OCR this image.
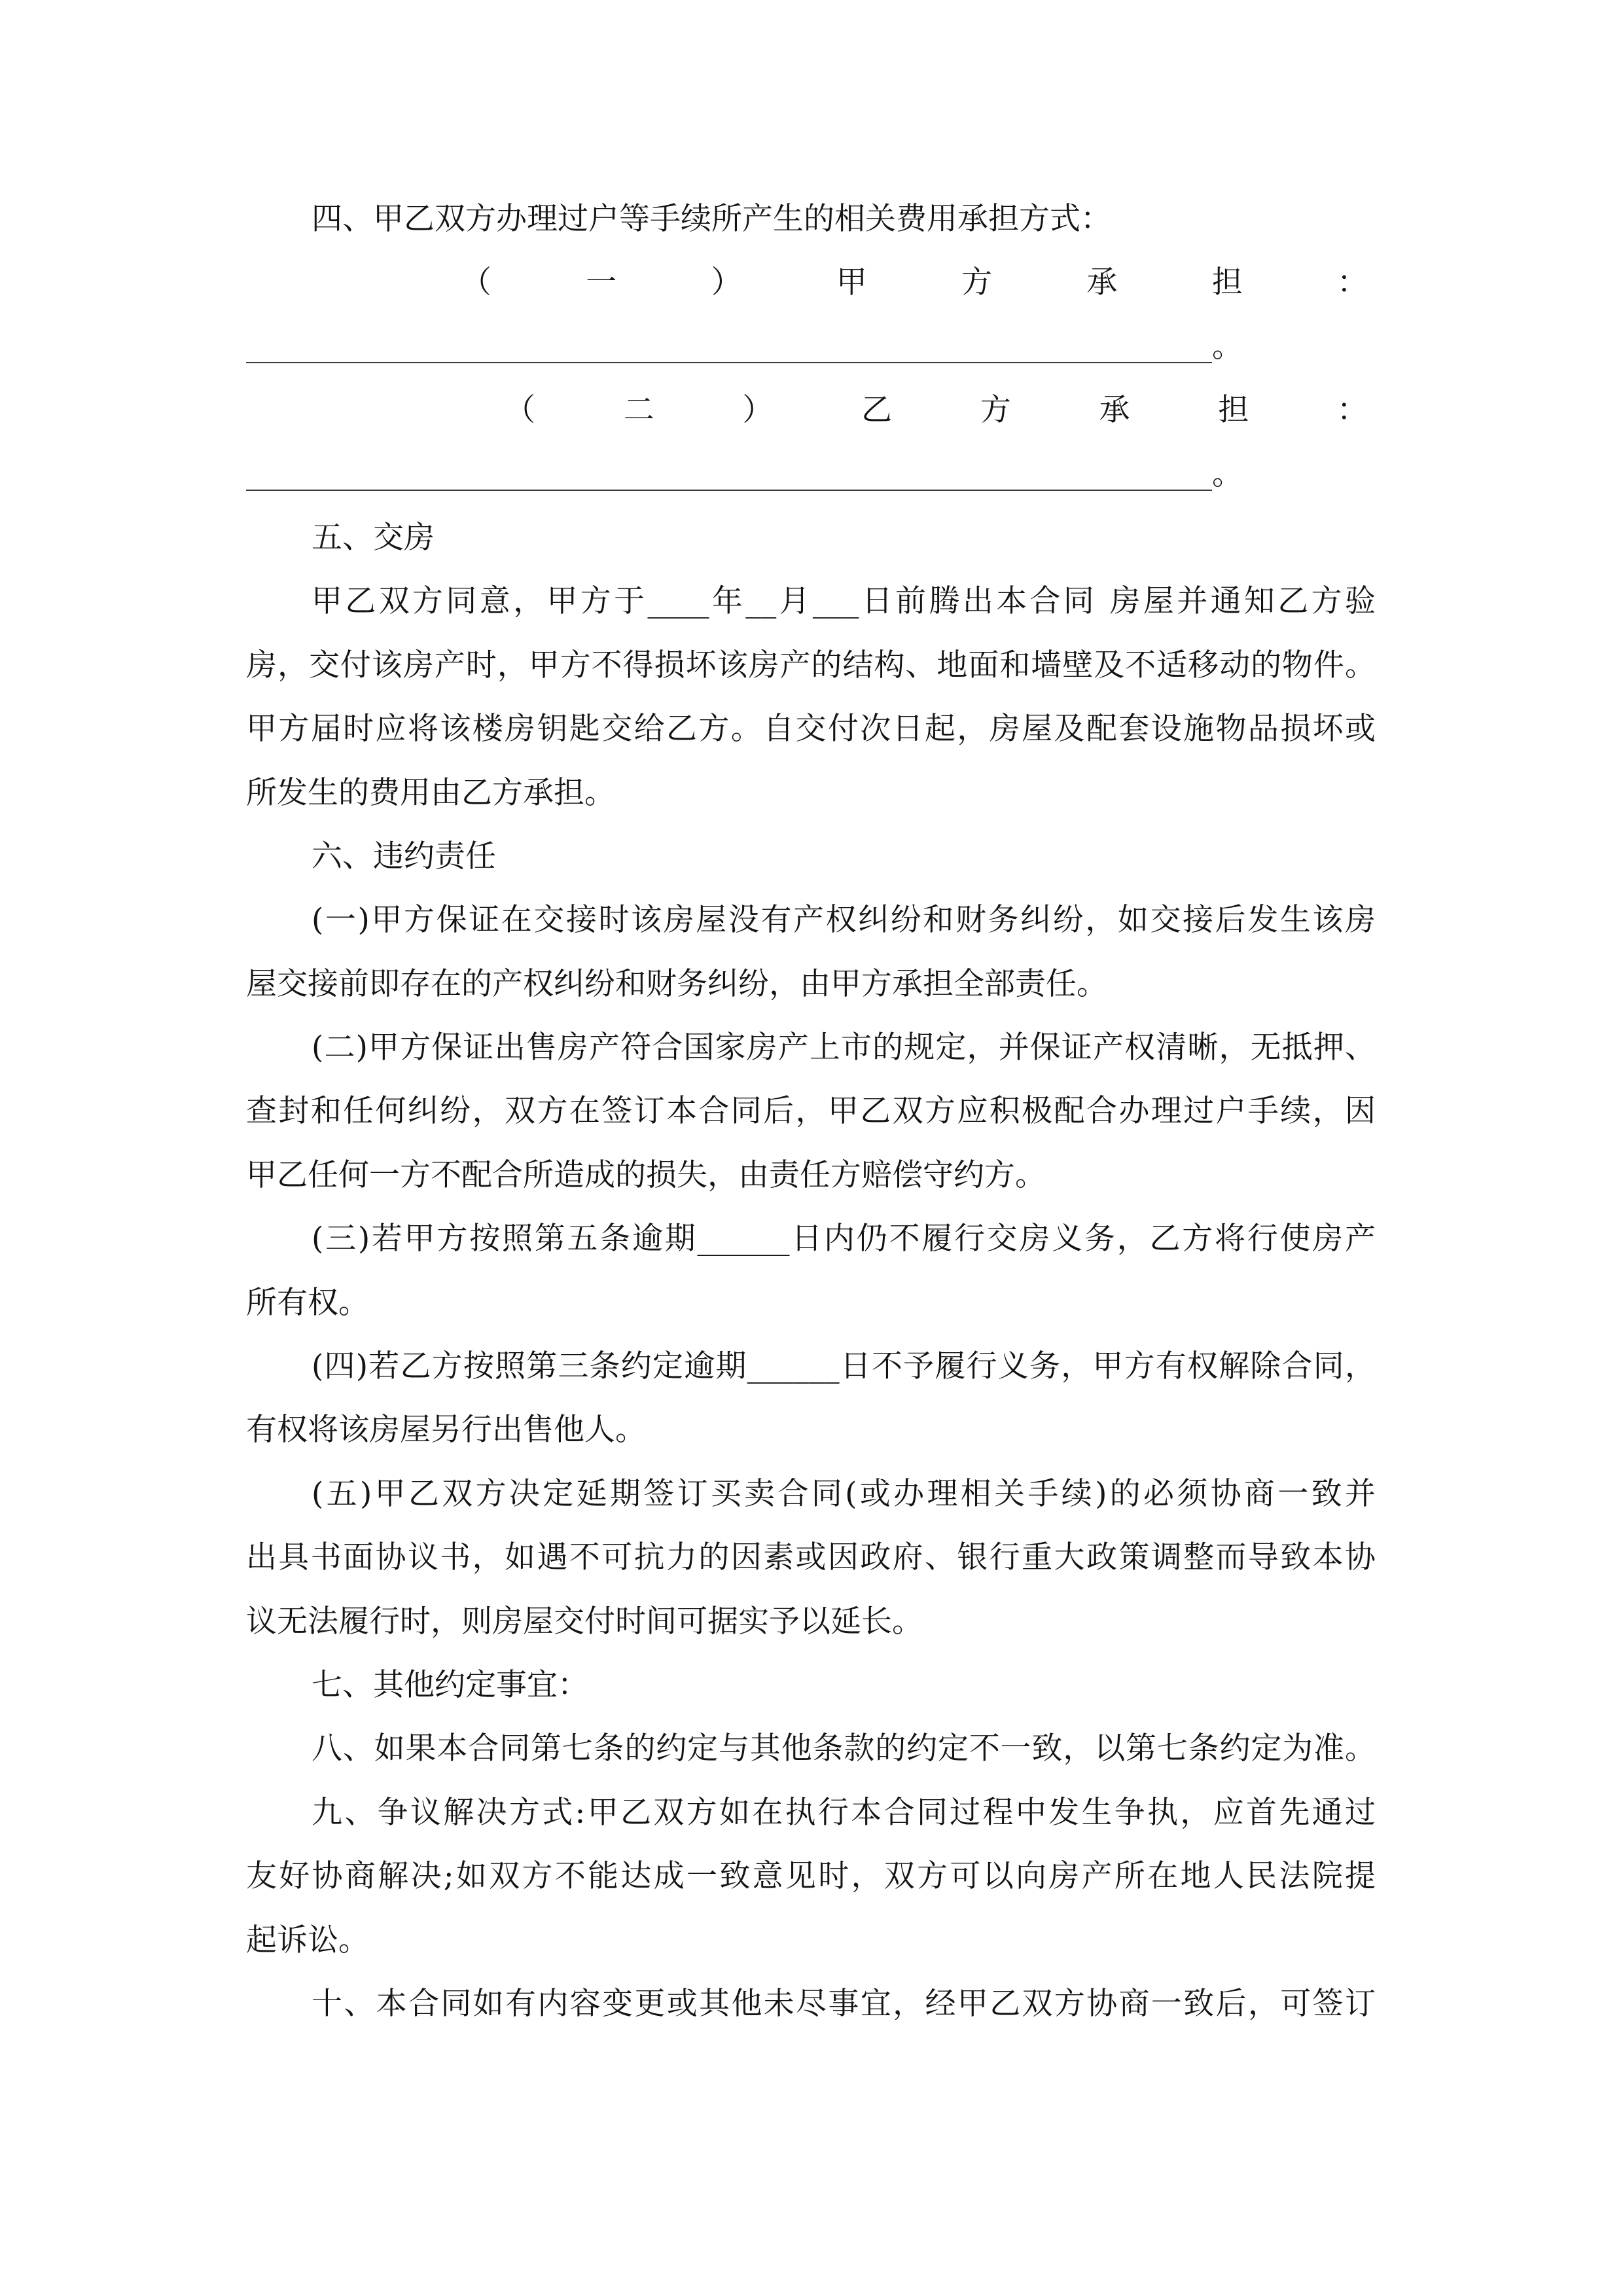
四、甲乙双方办理过户等手续所产生的相关费用承担方式：
（	一	）	甲	方	承	担	：
。
（	二	）	乙	方	承	担	：
。
五、交房
甲乙双方同意，甲方于____年__月___日前腾出本合同 房屋并通知乙方验
房，交付该房产时，甲方不得损坏该房产的结构、地面和墙壁及不适移动的物件。
甲方届时应将该楼房钥匙交给乙方。自交付次日起，房屋及配套设施物品损坏或
所发生的费用由乙方承担。
六、违约责任
(一)甲方保证在交接时该房屋没有产权纠纷和财务纠纷，如交接后发生该房
屋交接前即存在的产权纠纷和财务纠纷，由甲方承担全部责任。
(二)甲方保证出售房产符合国家房产上市的规定，并保证产权清晰，无抵押、
查封和任何纠纷，双方在签订本合同后，甲乙双方应积极配合办理过户手续，因
甲乙任何一方不配合所造成的损失，由责任方赔偿守约方。
(三)若甲方按照第五条逾期______日内仍不履行交房义务，乙方将行使房产
所有权。
(四)若乙方按照第三条约定逾期______日不予履行义务，甲方有权解除合同，
有权将该房屋另行出售他人。
(五)甲乙双方决定延期签订买卖合同(或办理相关手续)的必须协商一致并
出具书面协议书，如遇不可抗力的因素或因政府、银行重大政策调整而导致本协
议无法履行时，则房屋交付时间可据实予以延长。
七、其他约定事宜：
八、如果本合同第七条的约定与其他条款的约定不一致，以第七条约定为准。
九、争议解决方式:甲乙双方如在执行本合同过程中发生争执，应首先通过
友好协商解决;如双方不能达成一致意见时，双方可以向房产所在地人民法院提
起诉讼。
十、本合同如有内容变更或其他未尽事宜，经甲乙双方协商一致后，可签订
